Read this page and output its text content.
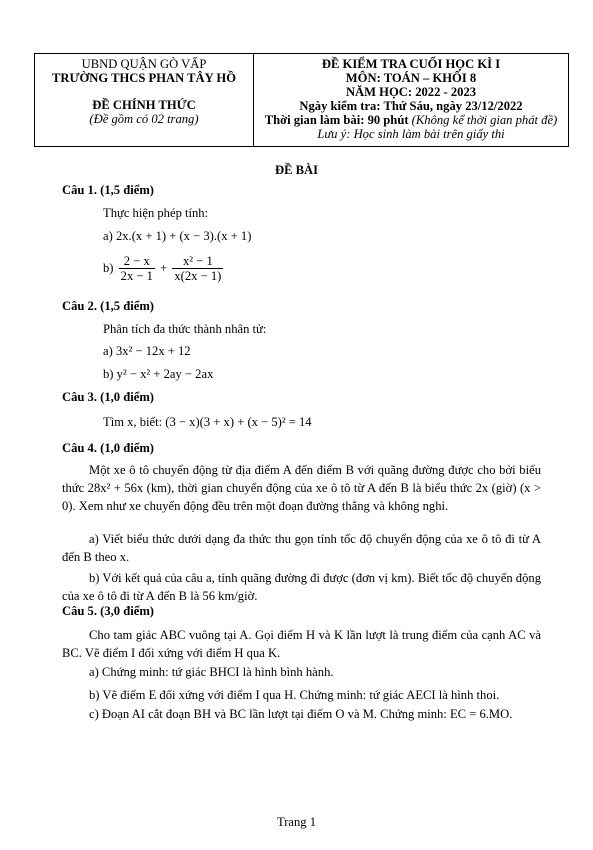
UBND QUẬN GÒ VẤP
TRƯỜNG THCS PHAN TÂY HỒ
ĐỀ CHÍNH THỨC
(Đề gồm có 02 trang)

ĐỀ KIỂM TRA CUỐI HỌC KÌ I
MÔN: TOÁN – KHỐI 8
NĂM HỌC: 2022 - 2023
Ngày kiểm tra: Thứ Sáu, ngày 23/12/2022
Thời gian làm bài: 90 phút (Không kể thời gian phát đề)
Lưu ý: Học sinh làm bài trên giấy thi
ĐỀ BÀI
Câu 1. (1,5 điểm)
Thực hiện phép tính:
a) 2x.(x + 1) + (x − 3).(x + 1)
$b) \frac{2 - x}{2x - 1} + \frac{\text{x² − 1}}{x(2x - 1)}$
Câu 2. (1,5 điểm)
Phân tích đa thức thành nhân tử:
a) 3x² − 12x + 12
b) y² − x² + 2ay − 2ax
Câu 3. (1,0 điểm)
Tìm x, biết: (3 − x)(3 + x) + (x − 5)² = 14
Câu 4. (1,0 điểm)
Một xe ô tô chuyển động từ địa điểm A đến điểm B với quãng đường được cho bởi biểu thức 28x² + 56x (km), thời gian chuyển động của xe ô tô từ A đến B là biểu thức 2x (giờ) (x > 0). Xem như xe chuyển động đều trên một đoạn đường thẳng và không nghỉ.
a) Viết biểu thức dưới dạng đa thức thu gọn tính tốc độ chuyển động của xe ô tô đi từ A đến B theo x.
b) Với kết quả của câu a, tính quãng đường đi được (đơn vị km). Biết tốc độ chuyển động của xe ô tô đi từ A đến B là 56 km/giờ.
Câu 5. (3,0 điểm)
Cho tam giác ABC vuông tại A. Gọi điểm H và K lần lượt là trung điểm của cạnh AC và BC. Vẽ điểm I đối xứng với điểm H qua K.
a) Chứng minh: tứ giác BHCI là hình bình hành.
b) Vẽ điểm E đối xứng với điểm I qua H. Chứng minh: tứ giác AECI là hình thoi.
c) Đoạn AI cắt đoạn BH và BC lần lượt tại điểm O và M. Chứng minh: EC = 6.MO.
Trang 1
